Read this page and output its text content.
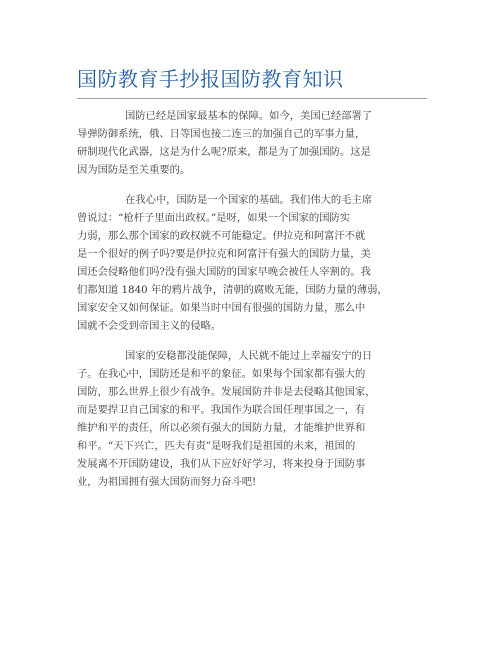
国防教育手抄报国防教育知识
国防已经是国家最基本的保障。如今，美国已经部署了
导弹防御系统，俄、日等国也接二连三的加强自己的军事力量，
研制现代化武器，这是为什么呢?原来，都是为了加强国防。这是
因为国防是至关重要的。
在我心中，国防是一个国家的基础。我们伟大的毛主席
曾说过：“枪杆子里面出政权。”是呀，如果一个国家的国防实
力弱，那么那个国家的政权就不可能稳定。伊拉克和阿富汗不就
是一个很好的例子吗?要是伊拉克和阿富汗有强大的国防力量，美
国还会侵略他们吗?没有强大国防的国家早晚会被任人宰割的。我
们都知道 1840 年的鸦片战争，清朝的腐败无能，国防力量的薄弱，
国家安全又如何保证。如果当时中国有很强的国防力量，那么中
国就不会受到帝国主义的侵略。
国家的安稳都没能保障，人民就不能过上幸福安宁的日
子。在我心中，国防还是和平的象征。如果每个国家都有强大的
国防，那么世界上很少有战争。发展国防并非是去侵略其他国家，
而是要捍卫自己国家的和平。我国作为联合国任理事国之一，有
维护和平的责任，所以必须有强大的国防力量，才能维护世界和
和平。“天下兴亡，匹夫有责”是呀我们是祖国的未来，祖国的
发展离不开国防建设，我们从下应好好学习，将来投身于国防事
业，为祖国拥有强大国防而努力奋斗吧!
